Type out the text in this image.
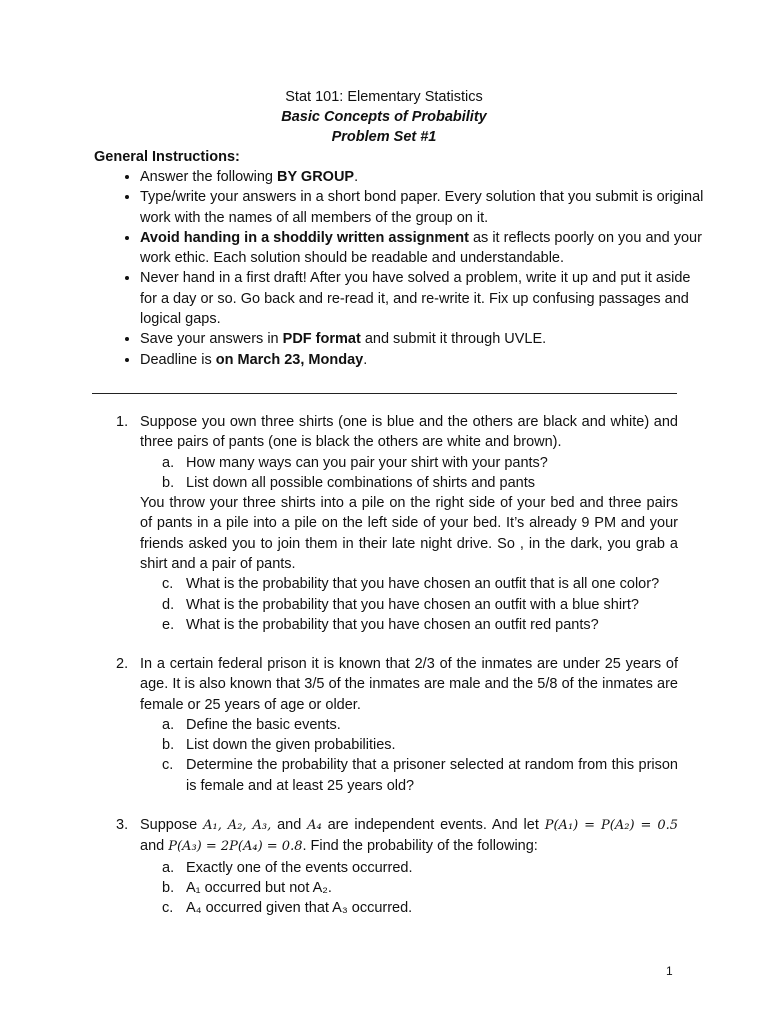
Stat 101: Elementary Statistics
Basic Concepts of Probability
Problem Set #1
General Instructions:
• Answer the following BY GROUP.
• Type/write your answers in a short bond paper. Every solution that you submit is original work with the names of all members of the group on it.
• Avoid handing in a shoddily written assignment as it reflects poorly on you and your work ethic. Each solution should be readable and understandable.
• Never hand in a first draft! After you have solved a problem, write it up and put it aside for a day or so. Go back and re-read it, and re-write it. Fix up confusing passages and logical gaps.
• Save your answers in PDF format and submit it through UVLE.
• Deadline is on March 23, Monday.
1. Suppose you own three shirts (one is blue and the others are black and white) and three pairs of pants (one is black the others are white and brown).
a. How many ways can you pair your shirt with your pants?
b. List down all possible combinations of shirts and pants
You throw your three shirts into a pile on the right side of your bed and three pairs of pants in a pile into a pile on the left side of your bed. It’s already 9 PM and your friends asked you to join them in their late night drive. So , in the dark, you grab a shirt and a pair of pants.
c. What is the probability that you have chosen an outfit that is all one color?
d. What is the probability that you have chosen an outfit with a blue shirt?
e. What is the probability that you have chosen an outfit red pants?
2. In a certain federal prison it is known that 2/3 of the inmates are under 25 years of age. It is also known that 3/5 of the inmates are male and the 5/8 of the inmates are female or 25 years of age or older.
a. Define the basic events.
b. List down the given probabilities.
c. Determine the probability that a prisoner selected at random from this prison is female and at least 25 years old?
3. Suppose A₁, A₂, A₃, and A₄ are independent events. And let P(A₁) = P(A₂) = 0.5 and P(A₃) = 2P(A₄) = 0.8. Find the probability of the following:
a. Exactly one of the events occurred.
b. A₁ occurred but not A₂.
c. A₄ occurred given that A₃ occurred.
1
